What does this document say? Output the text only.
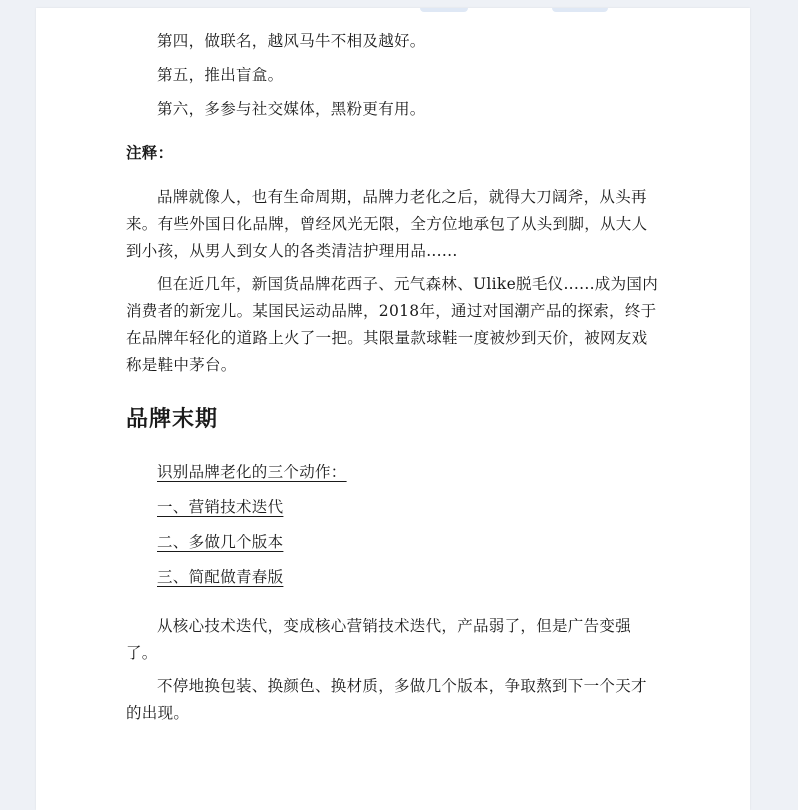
第四，做联名，越风马牛不相及越好。

第五，推出盲盒。

第六，多参与社交媒体，黑粉更有用。

注释：

品牌就像人，也有生命周期，品牌力老化之后，就得大刀阔斧，从头再来。有些外国日化品牌，曾经风光无限，全方位地承包了从头到脚，从大人到小孩，从男人到女人的各类清洁护理用品......

但在近几年，新国货品牌花西子、元气森林、Ulike脱毛仪......成为国内消费者的新宠儿。某国民运动品牌，2018年，通过对国潮产品的探索，终于在品牌年轻化的道路上火了一把。其限量款球鞋一度被炒到天价，被网友戏称是鞋中茅台。

品牌末期

识别品牌老化的三个动作：

一、营销技术迭代

二、多做几个版本

三、简配做青春版

从核心技术迭代，变成核心营销技术迭代，产品弱了，但是广告变强了。

不停地换包装、换颜色、换材质，多做几个版本，争取熬到下一个天才的出现。
